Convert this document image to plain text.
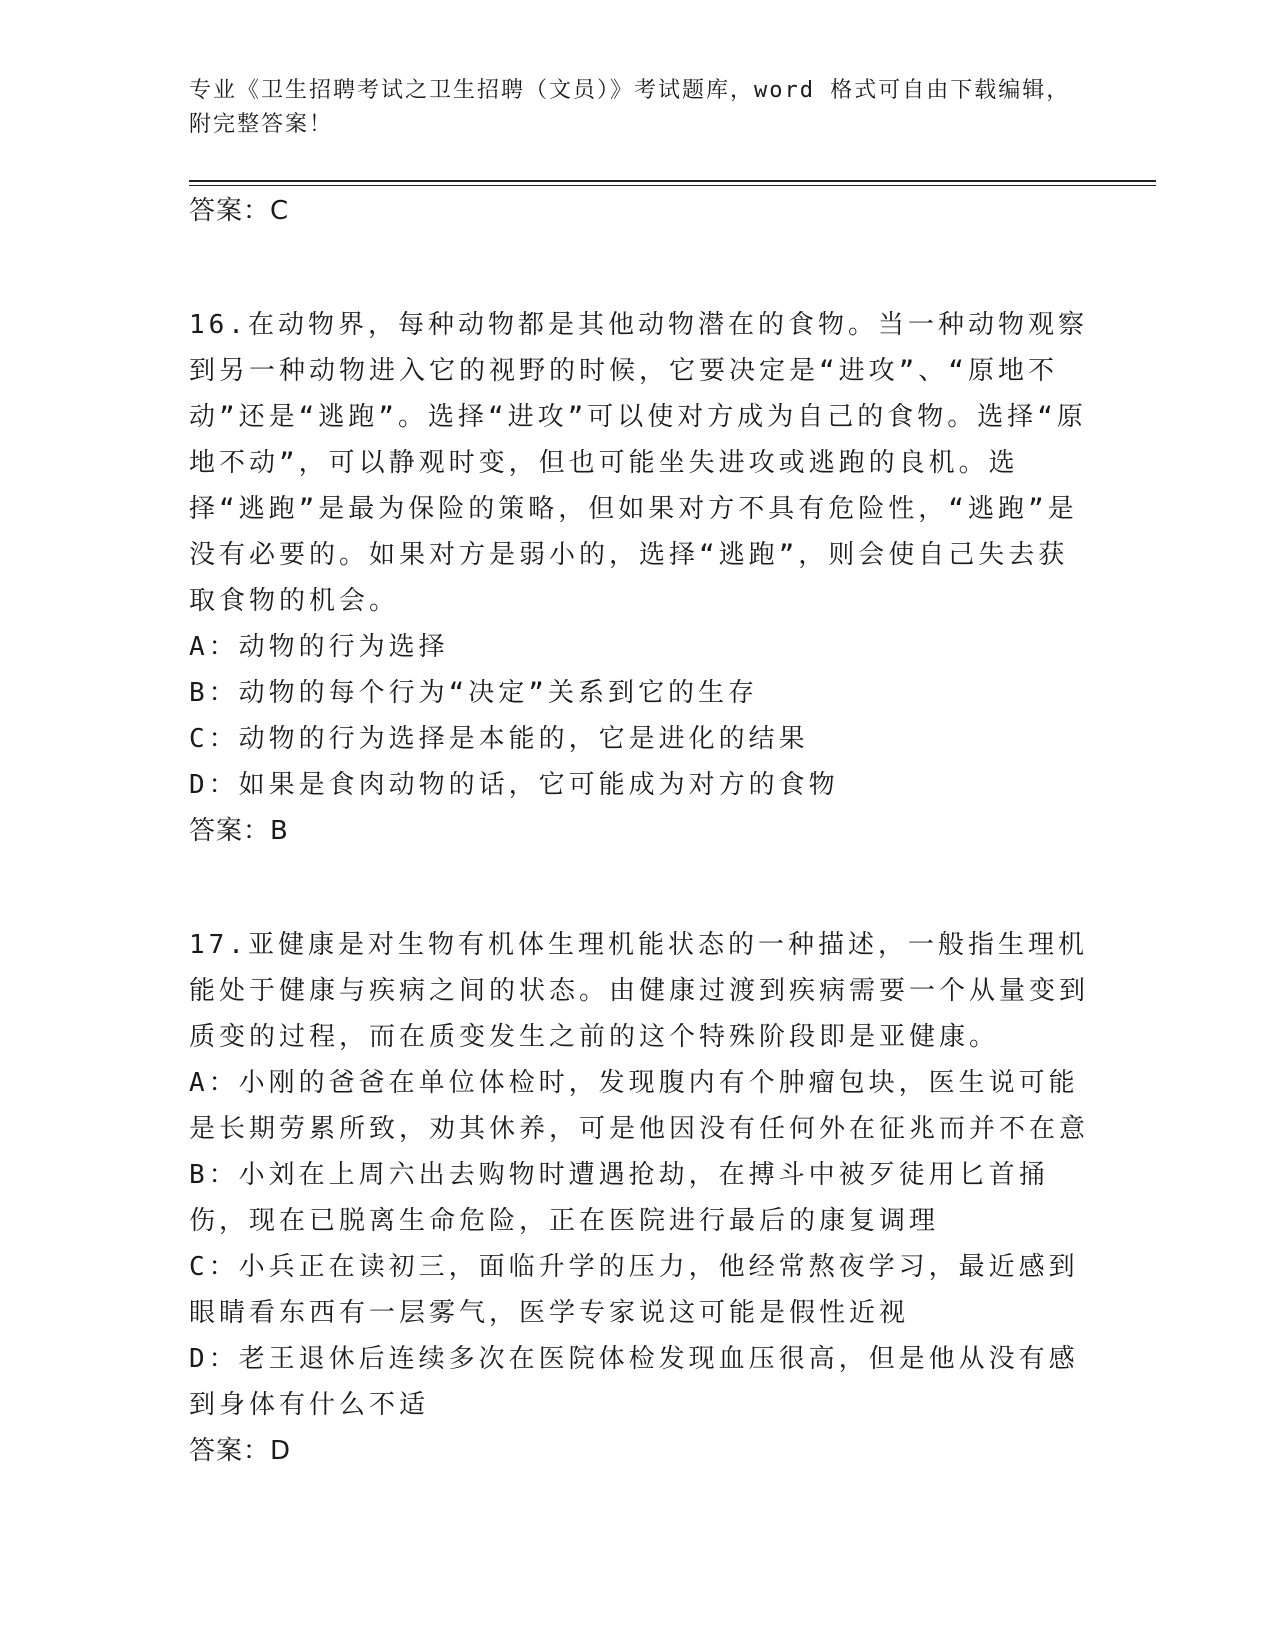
专业《卫生招聘考试之卫生招聘（文员）》考试题库，word 格式可自由下载编辑，附完整答案！

答案：C

16.在动物界，每种动物都是其他动物潜在的食物。当一种动物观察到另一种动物进入它的视野的时候，它要决定是“进攻”、“原地不动”还是“逃跑”。选择“进攻”可以使对方成为自己的食物。选择“原地不动”，可以静观时变，但也可能坐失进攻或逃跑的良机。选择“逃跑”是最为保险的策略，但如果对方不具有危险性，“逃跑”是没有必要的。如果对方是弱小的，选择“逃跑”，则会使自己失去获取食物的机会。

A：动物的行为选择

B：动物的每个行为“决定”关系到它的生存

C：动物的行为选择是本能的，它是进化的结果

D：如果是食肉动物的话，它可能成为对方的食物

答案：B

17.亚健康是对生物有机体生理机能状态的一种描述，一般指生理机能处于健康与疾病之间的状态。由健康过渡到疾病需要一个从量变到质变的过程，而在质变发生之前的这个特殊阶段即是亚健康。

A：小刚的爸爸在单位体检时，发现腹内有个肿瘤包块，医生说可能是长期劳累所致，劝其休养，可是他因没有任何外在征兆而并不在意

B：小刘在上周六出去购物时遭遇抢劫，在搏斗中被歹徒用匕首捅伤，现在已脱离生命危险，正在医院进行最后的康复调理

C：小兵正在读初三，面临升学的压力，他经常熬夜学习，最近感到眼睛看东西有一层雾气，医学专家说这可能是假性近视

D：老王退休后连续多次在医院体检发现血压很高，但是他从没有感到身体有什么不适

答案：D
